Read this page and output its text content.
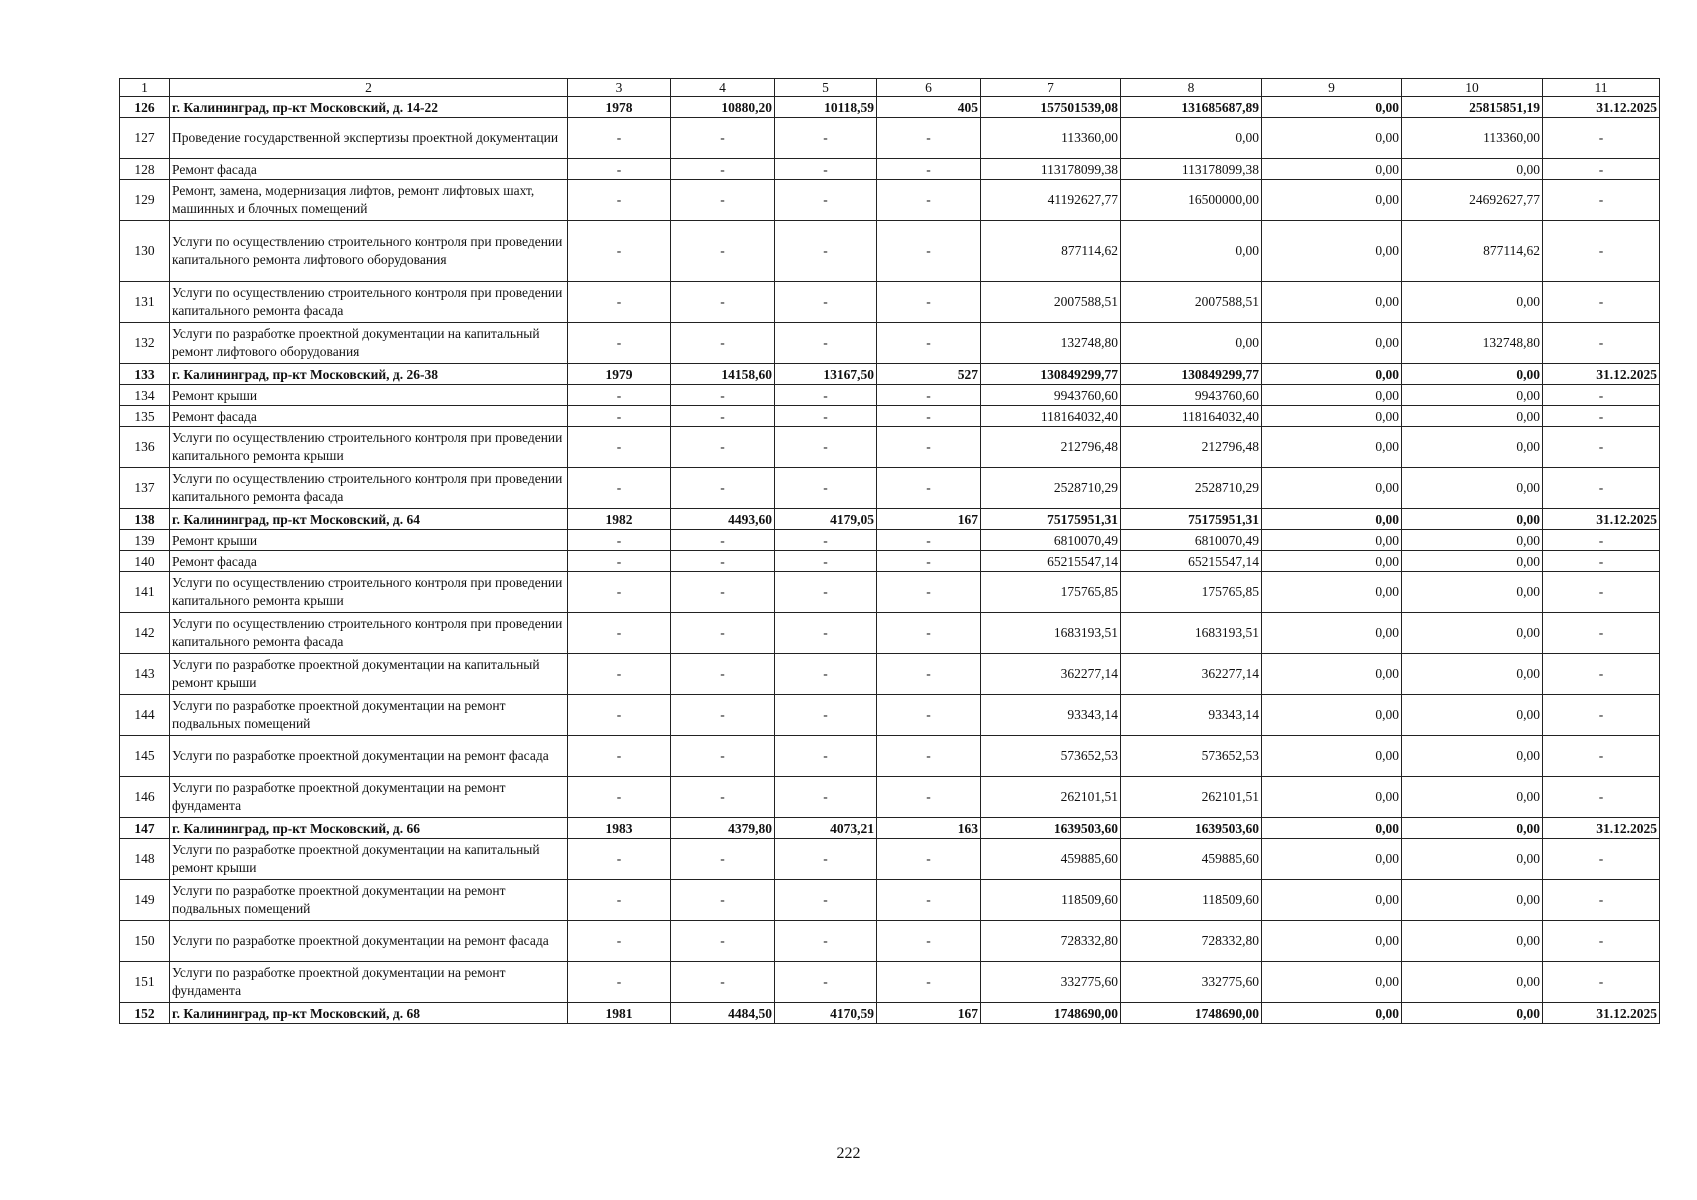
1	2	3	4	5	6	7	8	9	10	11
126	г. Калининград, пр-кт Московский, д. 14-22	1978	10880,20	10118,59	405	157501539,08	131685687,89	0,00	25815851,19	31.12.2025
127	Проведение государственной экспертизы проектной документации	-	-	-	-	113360,00	0,00	0,00	113360,00	-
128	Ремонт фасада	-	-	-	-	113178099,38	113178099,38	0,00	0,00	-
129	Ремонт, замена, модернизация лифтов, ремонт лифтовых шахт, машинных и блочных помещений	-	-	-	-	41192627,77	16500000,00	0,00	24692627,77	-
130	Услуги по осуществлению строительного контроля при проведении капитального ремонта лифтового оборудования	-	-	-	-	877114,62	0,00	0,00	877114,62	-
131	Услуги по осуществлению строительного контроля при проведении капитального ремонта фасада	-	-	-	-	2007588,51	2007588,51	0,00	0,00	-
132	Услуги по разработке проектной документации на капитальный ремонт лифтового оборудования	-	-	-	-	132748,80	0,00	0,00	132748,80	-
133	г. Калининград, пр-кт Московский, д. 26-38	1979	14158,60	13167,50	527	130849299,77	130849299,77	0,00	0,00	31.12.2025
134	Ремонт крыши	-	-	-	-	9943760,60	9943760,60	0,00	0,00	-
135	Ремонт фасада	-	-	-	-	118164032,40	118164032,40	0,00	0,00	-
136	Услуги по осуществлению строительного контроля при проведении капитального ремонта крыши	-	-	-	-	212796,48	212796,48	0,00	0,00	-
137	Услуги по осуществлению строительного контроля при проведении капитального ремонта фасада	-	-	-	-	2528710,29	2528710,29	0,00	0,00	-
138	г. Калининград, пр-кт Московский, д. 64	1982	4493,60	4179,05	167	75175951,31	75175951,31	0,00	0,00	31.12.2025
139	Ремонт крыши	-	-	-	-	6810070,49	6810070,49	0,00	0,00	-
140	Ремонт фасада	-	-	-	-	65215547,14	65215547,14	0,00	0,00	-
141	Услуги по осуществлению строительного контроля при проведении капитального ремонта крыши	-	-	-	-	175765,85	175765,85	0,00	0,00	-
142	Услуги по осуществлению строительного контроля при проведении капитального ремонта фасада	-	-	-	-	1683193,51	1683193,51	0,00	0,00	-
143	Услуги по разработке проектной документации на капитальный ремонт крыши	-	-	-	-	362277,14	362277,14	0,00	0,00	-
144	Услуги по разработке проектной документации на ремонт подвальных помещений	-	-	-	-	93343,14	93343,14	0,00	0,00	-
145	Услуги по разработке проектной документации на ремонт фасада	-	-	-	-	573652,53	573652,53	0,00	0,00	-
146	Услуги по разработке проектной документации на ремонт фундамента	-	-	-	-	262101,51	262101,51	0,00	0,00	-
147	г. Калининград, пр-кт Московский, д. 66	1983	4379,80	4073,21	163	1639503,60	1639503,60	0,00	0,00	31.12.2025
148	Услуги по разработке проектной документации на капитальный ремонт крыши	-	-	-	-	459885,60	459885,60	0,00	0,00	-
149	Услуги по разработке проектной документации на ремонт подвальных помещений	-	-	-	-	118509,60	118509,60	0,00	0,00	-
150	Услуги по разработке проектной документации на ремонт фасада	-	-	-	-	728332,80	728332,80	0,00	0,00	-
151	Услуги по разработке проектной документации на ремонт фундамента	-	-	-	-	332775,60	332775,60	0,00	0,00	-
152	г. Калининград, пр-кт Московский, д. 68	1981	4484,50	4170,59	167	1748690,00	1748690,00	0,00	0,00	31.12.2025
222
